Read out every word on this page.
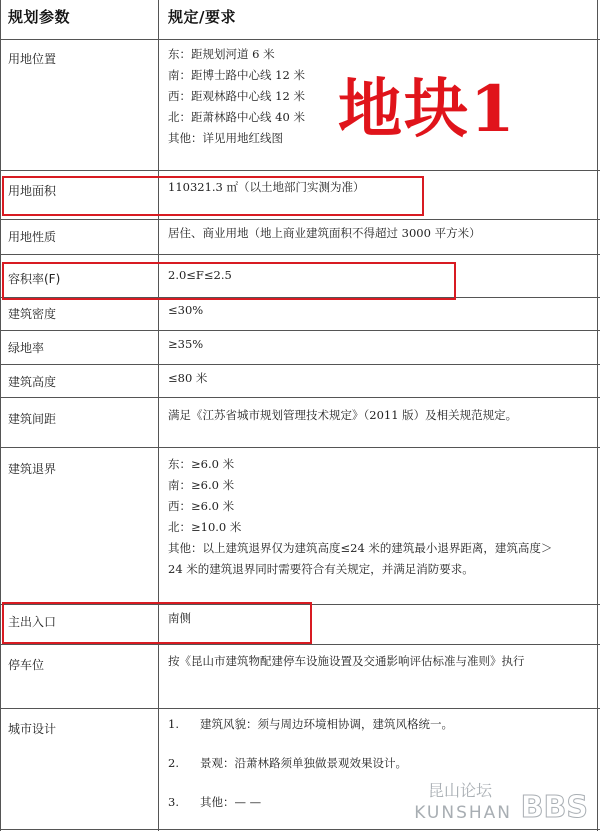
规划参数	规定/要求
用地位置	东：距规划河道 6 米
南：距博士路中心线 12 米
西：距观林路中心线 12 米
北：距萧林路中心线 40 米
其他：详见用地红线图
用地面积	110321.3 ㎡（以土地部门实测为准）
用地性质	居住、商业用地（地上商业建筑面积不得超过 3000 平方米）
容积率(F)	2.0≤F≤2.5
建筑密度	≤30%
绿地率	≥35%
建筑高度	≤80 米
建筑间距	满足《江苏省城市规划管理技术规定》（2011 版）及相关规范规定。
建筑退界	东：≥6.0 米
南：≥6.0 米
西：≥6.0 米
北：≥10.0 米
其他：以上建筑退界仅为建筑高度≤24 米的建筑最小退界距离，建筑高度＞
24 米的建筑退界同时需要符合有关规定，并满足消防要求。
主出入口	南侧
停车位	按《昆山市建筑物配建停车设施设置及交通影响评估标准与准则》执行
城市设计	1. 建筑风貌：须与周边环境相协调，建筑风格统一。
2. 景观：沿萧林路须单独做景观效果设计。
3. 其他：— —
地块1
昆山论坛
KUNSHAN BBS
